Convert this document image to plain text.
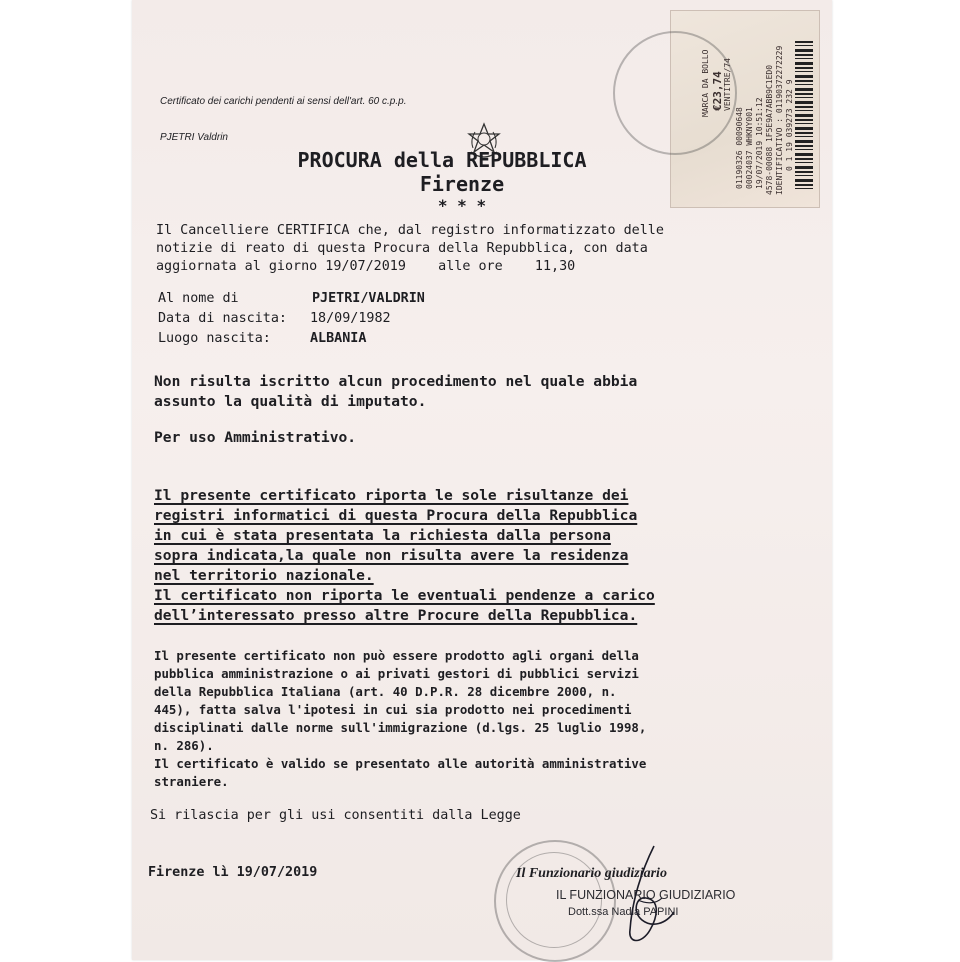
Certificato dei carichi pendenti ai sensi dell'art. 60 c.p.p.

PJETRI Valdrin

PROCURA della REPUBBLICA
Firenze
* * *
Il Cancelliere CERTIFICA che, dal registro informatizzato delle
notizie di reato di questa Procura della Repubblica, con data
aggiornata al giorno 19/07/2019    alle ore    11,30
Al nome di	PJETRI/VALDRIN
Data di nascita: 18/09/1982
Luogo nascita:	ALBANIA
Non risulta iscritto alcun procedimento nel quale abbia
assunto la qualità di imputato.
Per uso Amministrativo.
Il presente certificato riporta le sole risultanze dei
registri informatici di questa Procura della Repubblica
in cui è stata presentata la richiesta dalla persona
sopra indicata,la quale non risulta avere la residenza
nel territorio nazionale.
Il certificato non riporta le eventuali pendenze a carico
dell’interessato presso altre Procure della Repubblica.
Il presente certificato non può essere prodotto agli organi della
pubblica amministrazione o ai privati gestori di pubblici servizi
della Repubblica Italiana (art. 40 D.P.R. 28 dicembre 2000, n.
445), fatta salva l'ipotesi in cui sia prodotto nei procedimenti
disciplinati dalle norme sull'immigrazione (d.lgs. 25 luglio 1998,
n. 286).
Il certificato è valido se presentato alle autorità amministrative
straniere.
Si rilascia per gli usi consentiti dalla Legge
Firenze lì 19/07/2019	Il Funzionario giudiziario
IL FUNZIONARIO GIUDIZIARIO
Dott.ssa Nadia PAPINI
MARCA DA BOLLO €23,74 VENTITRE/74
01190326 00090648 00024037 WHKNY001 19/07/2019 10:51:12 4578-00088 1F5E9A7ABB9C1ED0 IDENTIFICATIVO : 01190372272229 0 1 19 039273 232 9
